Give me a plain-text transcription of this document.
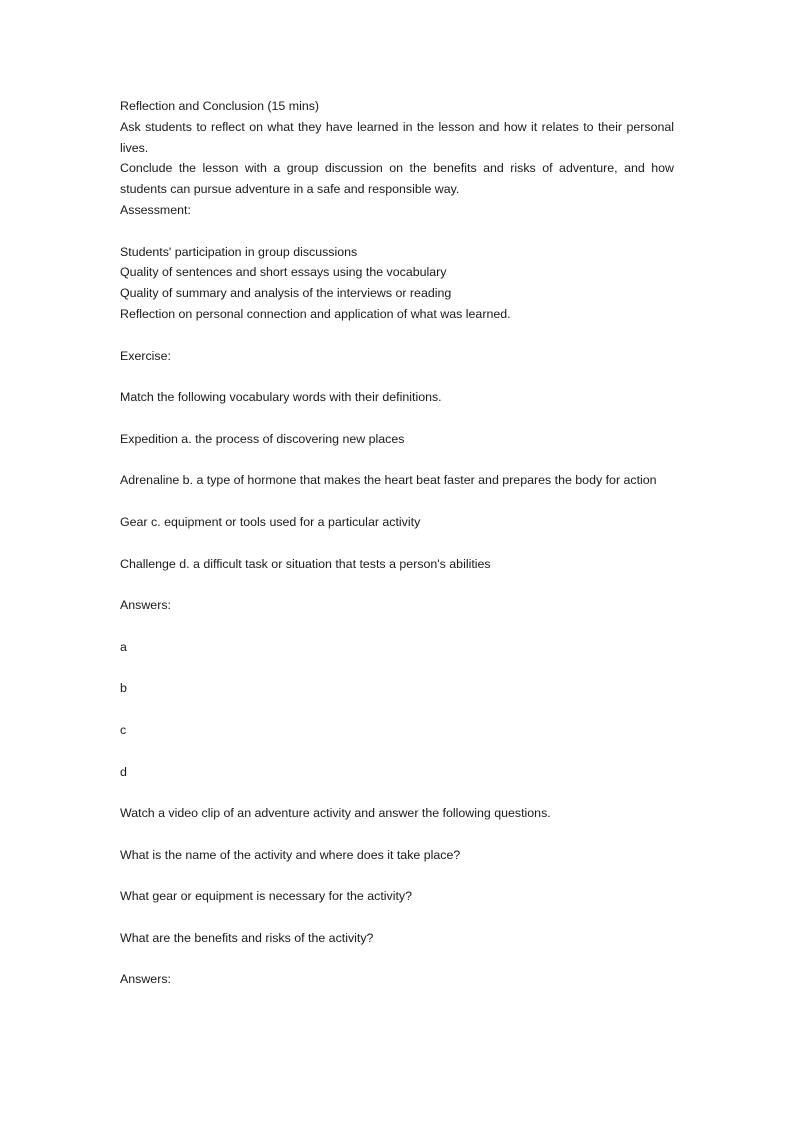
Reflection and Conclusion (15 mins)

Ask students to reflect on what they have learned in the lesson and how it relates to their personal lives.

Conclude the lesson with a group discussion on the benefits and risks of adventure, and how students can pursue adventure in a safe and responsible way.

Assessment:

Students' participation in group discussions

Quality of sentences and short essays using the vocabulary

Quality of summary and analysis of the interviews or reading

Reflection on personal connection and application of what was learned.

Exercise:

Match the following vocabulary words with their definitions.

Expedition a. the process of discovering new places

Adrenaline b. a type of hormone that makes the heart beat faster and prepares the body for action

Gear c. equipment or tools used for a particular activity

Challenge d. a difficult task or situation that tests a person's abilities

Answers:

a

b

c

d

Watch a video clip of an adventure activity and answer the following questions.

What is the name of the activity and where does it take place?

What gear or equipment is necessary for the activity?

What are the benefits and risks of the activity?

Answers:
